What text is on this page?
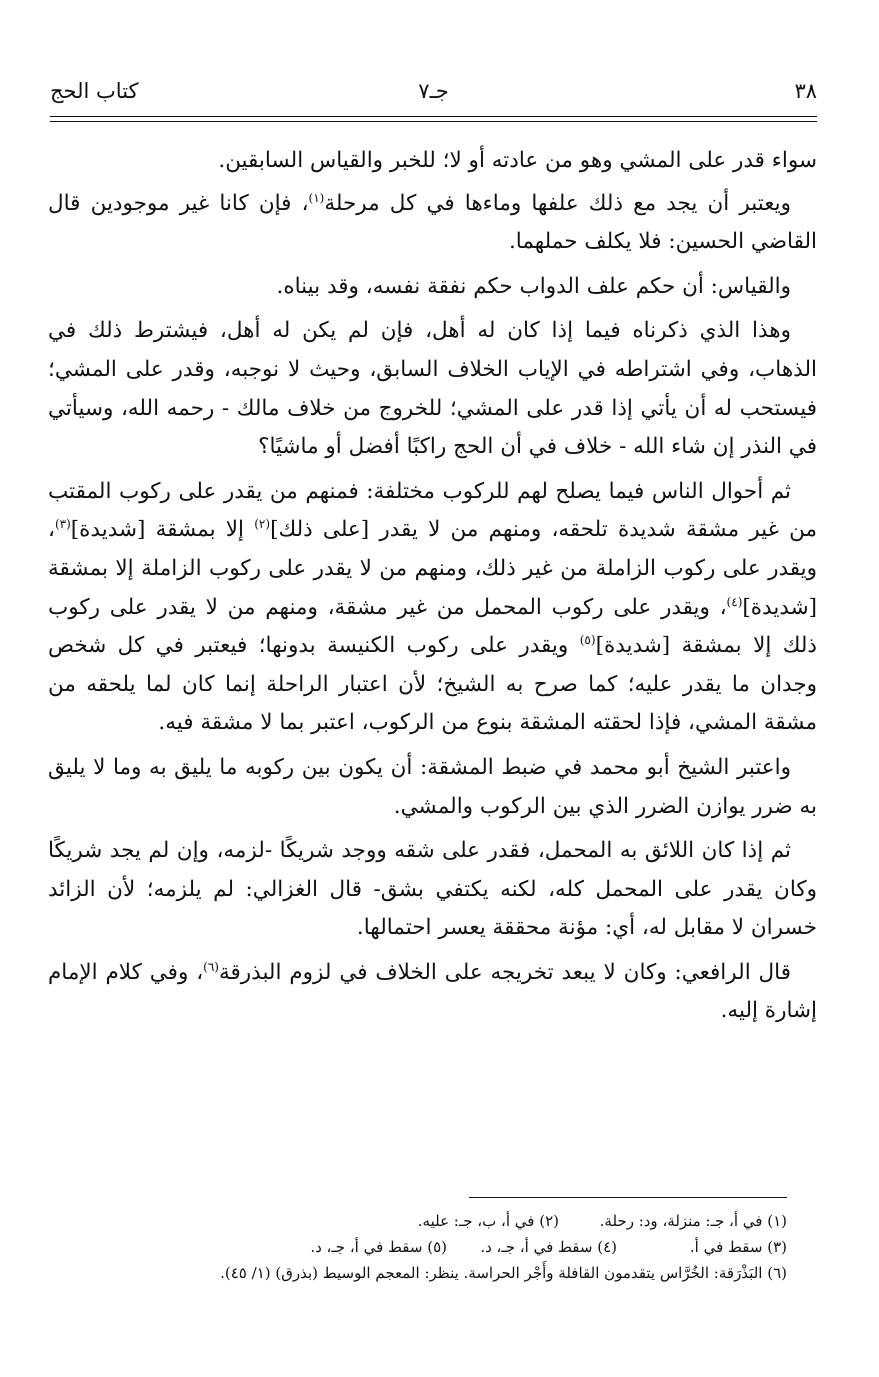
٣٨
جـ٧
كتاب الحج

سواء قدر على المشي وهو من عادته أو لا؛ للخبر والقياس السابقين.

ويعتبر أن يجد مع ذلك علفها وماءها في كل مرحلة$^{(١)}$، فإن كانا غير موجودين قال القاضي الحسين: فلا يكلف حملهما.

والقياس: أن حكم علف الدواب حكم نفقة نفسه، وقد بيناه.

وهذا الذي ذكرناه فيما إذا كان له أهل، فإن لم يكن له أهل، فيشترط ذلك في الذهاب، وفي اشتراطه في الإياب الخلاف السابق، وحيث لا نوجبه، وقدر على المشي؛ فيستحب له أن يأتي إذا قدر على المشي؛ للخروج من خلاف مالك - رحمه الله، وسيأتي في النذر إن شاء الله - خلاف في أن الحج راكبًا أفضل أو ماشيًا؟

ثم أحوال الناس فيما يصلح لهم للركوب مختلفة: فمنهم من يقدر على ركوب المقتب من غير مشقة شديدة تلحقه، ومنهم من لا يقدر [على ذلك]$^{(٢)}$ إلا بمشقة [شديدة]$^{(٣)}$، ويقدر على ركوب الزاملة من غير ذلك، ومنهم من لا يقدر على ركوب الزاملة إلا بمشقة [شديدة]$^{(٤)}$، ويقدر على ركوب المحمل من غير مشقة، ومنهم من لا يقدر على ركوب ذلك إلا بمشقة [شديدة]$^{(٥)}$ ويقدر على ركوب الكنيسة بدونها؛ فيعتبر في كل شخص وجدان ما يقدر عليه؛ كما صرح به الشيخ؛ لأن اعتبار الراحلة إنما كان لما يلحقه من مشقة المشي، فإذا لحقته المشقة بنوع من الركوب، اعتبر بما لا مشقة فيه.

واعتبر الشيخ أبو محمد في ضبط المشقة: أن يكون بين ركوبه ما يليق به وما لا يليق به ضرر يوازن الضرر الذي بين الركوب والمشي.

ثم إذا كان اللائق به المحمل، فقدر على شقه ووجد شريكًا -لزمه، وإن لم يجد شريكًا وكان يقدر على المحمل كله، لكنه يكتفي بشق- قال الغزالي: لم يلزمه؛ لأن الزائد خسران لا مقابل له، أي: مؤنة محققة يعسر احتمالها.

قال الرافعي: وكان لا يبعد تخريجه على الخلاف في لزوم البذرقة$^{(٦)}$، وفي كلام الإمام إشارة إليه.

(١) في أ، جـ: منزلة، ود: رحلة.
(٢) في أ، ب، جـ: عليه.
(٣) سقط في أ.
(٤) سقط في أ، جـ، د.
(٥) سقط في أ، جـ، د.
(٦) البَذْرَقة: الخُرَّاس يتقدمون القافلة وأَجْر الحراسة. ينظر: المعجم الوسيط (بذرق) (١/ ٤٥).
